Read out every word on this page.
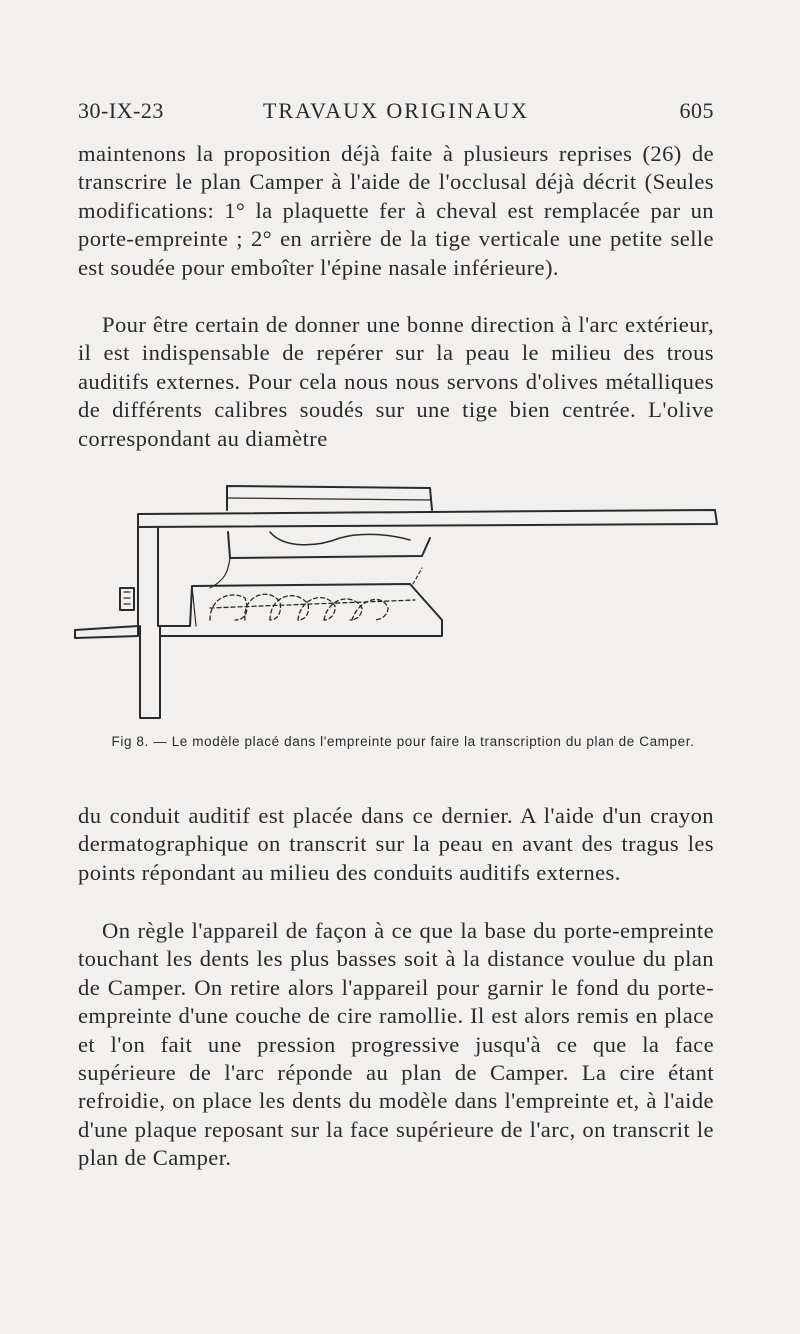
30-IX-23	TRAVAUX ORIGINAUX	605

maintenons la proposition déjà faite à plusieurs reprises (26) de transcrire le plan Camper à l'aide de l'occlusal déjà décrit (Seules modifications: 1° la plaquette fer à cheval est remplacée par un porte-empreinte ; 2° en arrière de la tige verticale une petite selle est soudée pour emboîter l'épine nasale inférieure).

Pour être certain de donner une bonne direction à l'arc extérieur, il est indispensable de repérer sur la peau le milieu des trous auditifs externes. Pour cela nous nous servons d'olives métalliques de différents calibres soudés sur une tige bien centrée. L'olive correspondant au diamètre

Fig 8. — Le modèle placé dans l'empreinte pour faire la transcription du plan de Camper.

du conduit auditif est placée dans ce dernier. A l'aide d'un crayon dermatographique on transcrit sur la peau en avant des tragus les points répondant au milieu des conduits auditifs externes.

On règle l'appareil de façon à ce que la base du porte-empreinte touchant les dents les plus basses soit à la distance voulue du plan de Camper. On retire alors l'appareil pour garnir le fond du porte-empreinte d'une couche de cire ramollie. Il est alors remis en place et l'on fait une pression progressive jusqu'à ce que la face supérieure de l'arc réponde au plan de Camper. La cire étant refroidie, on place les dents du modèle dans l'empreinte et, à l'aide d'une plaque reposant sur la face supérieure de l'arc, on transcrit le plan de Camper.
